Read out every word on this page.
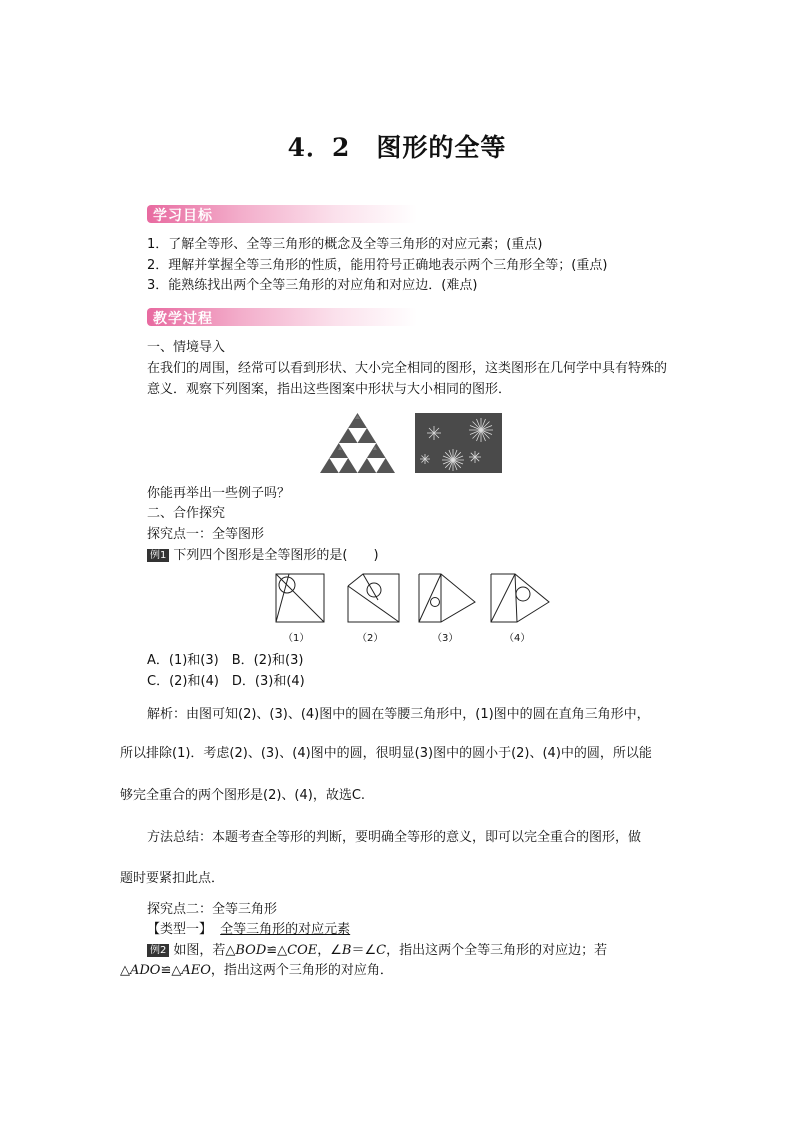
4．2　图形的全等
学习目标
1．了解全等形、全等三角形的概念及全等三角形的对应元素；(重点)
2．理解并掌握全等三角形的性质，能用符号正确地表示两个三角形全等；(重点)
3．能熟练找出两个全等三角形的对应角和对应边．(难点)
教学过程
一、情境导入
在我们的周围，经常可以看到形状、大小完全相同的图形，这类图形在几何学中具有特殊的意义．观察下列图案，指出这些图案中形状与大小相同的图形．
你能再举出一些例子吗？
二、合作探究
探究点一：全等图形
例1 下列四个图形是全等图形的是(　　)
（1）	（2）	（3）	（4）
A．(1)和(3)　B．(2)和(3)
C．(2)和(4)　D．(3)和(4)
解析：由图可知(2)、(3)、(4)图中的圆在等腰三角形中，(1)图中的圆在直角三角形中，
所以排除(1)．考虑(2)、(3)、(4)图中的圆，很明显(3)图中的圆小于(2)、(4)中的圆，所以能
够完全重合的两个图形是(2)、(4)，故选C.
方法总结：本题考查全等形的判断，要明确全等形的意义，即可以完全重合的图形，做
题时要紧扣此点．
探究点二：全等三角形
【类型一】 全等三角形的对应元素
例2 如图，若△BOD≌△COE，∠B＝∠C，指出这两个全等三角形的对应边；若
△ADO≌△AEO，指出这两个三角形的对应角．
